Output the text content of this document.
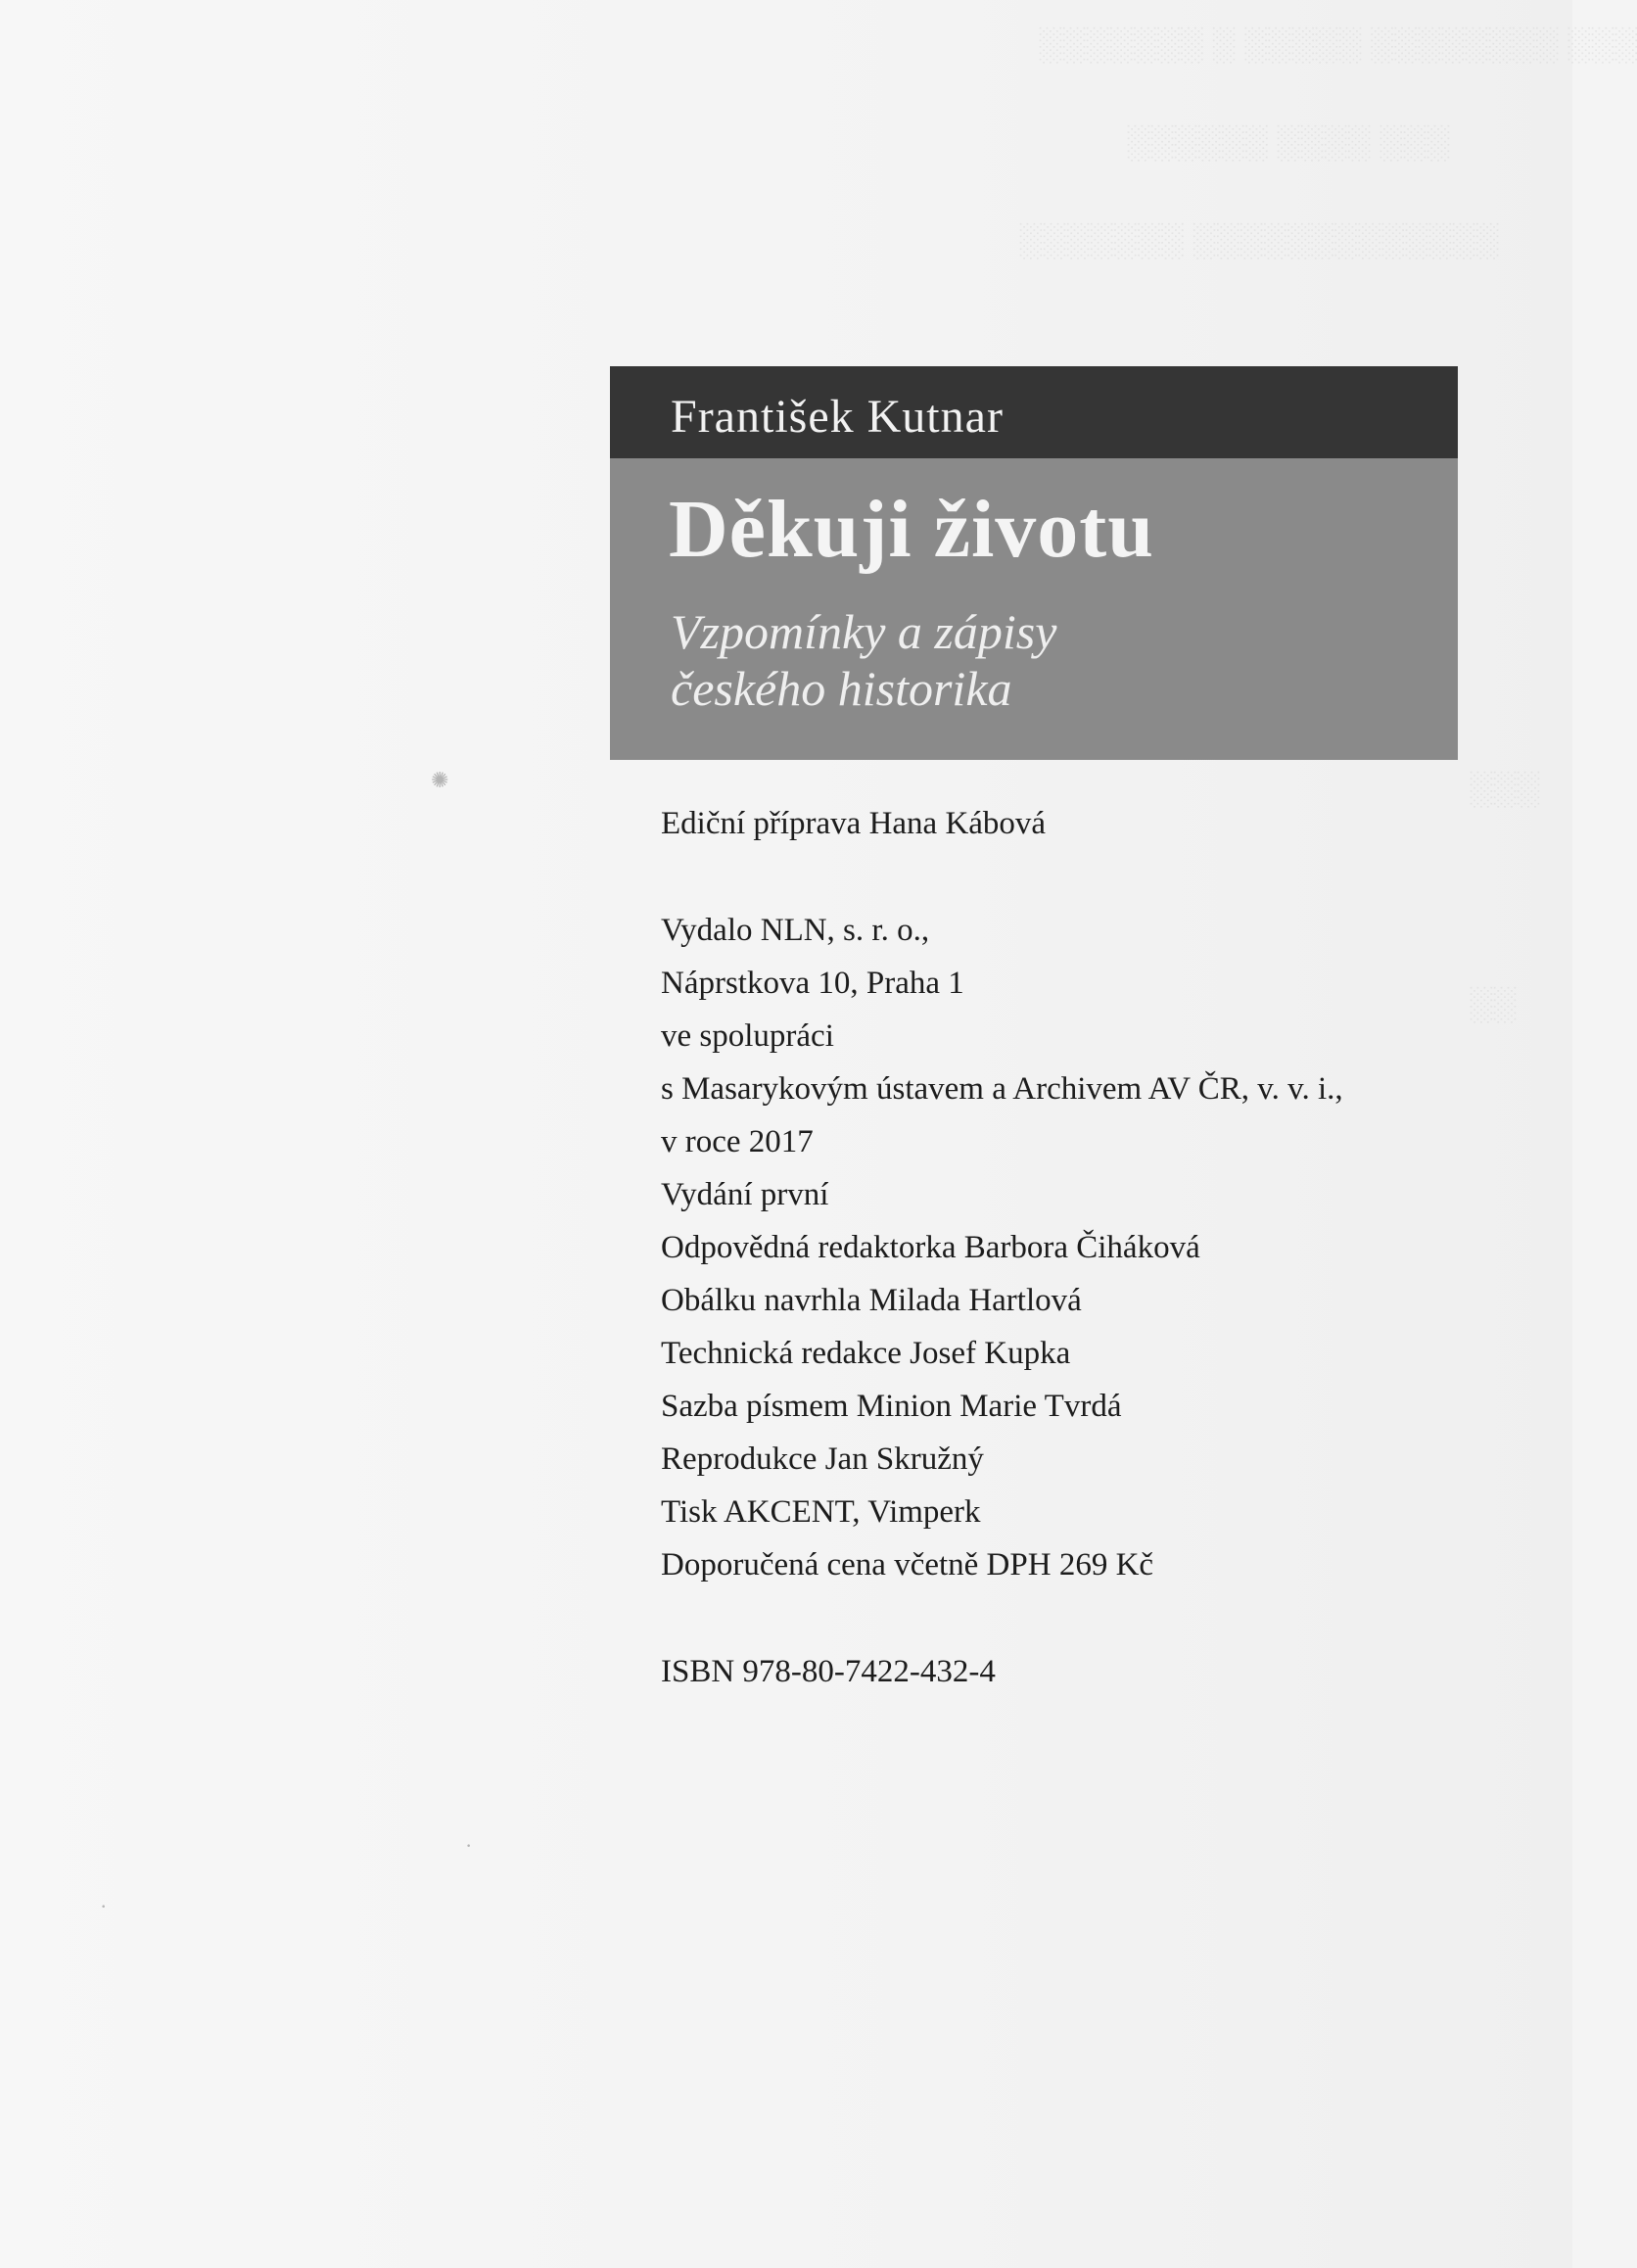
░░░░░░░ ░ ░░░░░ ░░░░░░░░ ░░░
░░░░░░ ░░░░ ░░░
░░░░░░░ ░░░░░░░░░░░░░
░░░
░░
✺
·
·
František Kutnar
Děkuji životu
Vzpomínky a zápisy
českého historika
Ediční příprava Hana Kábová
Vydalo NLN, s. r. o.,
Náprstkova 10, Praha 1
ve spolupráci
s Masarykovým ústavem a Archivem AV ČR, v. v. i.,
v roce 2017
Vydání první
Odpovědná redaktorka Barbora Čiháková
Obálku navrhla Milada Hartlová
Technická redakce Josef Kupka
Sazba písmem Minion Marie Tvrdá
Reprodukce Jan Skružný
Tisk AKCENT, Vimperk
Doporučená cena včetně DPH 269 Kč
ISBN 978-80-7422-432-4
